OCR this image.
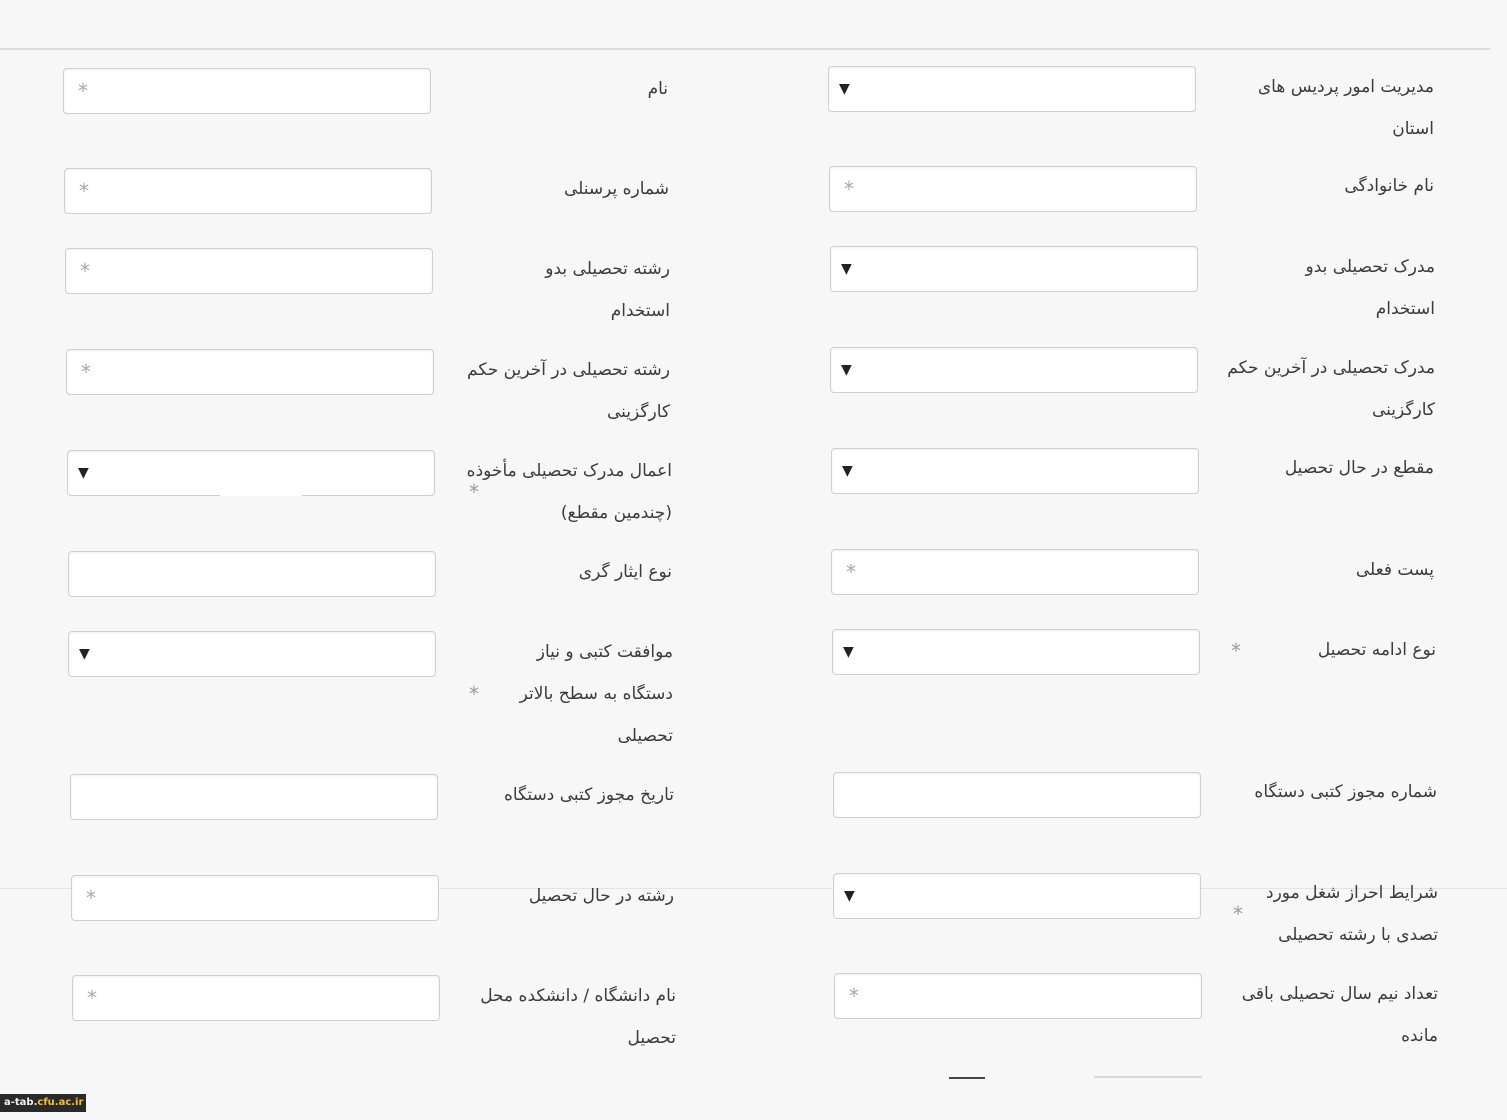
مدیریت امور پردیس های استان
▼
نام خانوادگی
*
مدرک تحصیلی بدو استخدام
▼
مدرک تحصیلی در آخرین حکم کارگزینی
▼
مقطع در حال تحصیل
▼
پست فعلی
*
نوع ادامه تحصیل
*
▼
شماره مجوز کتبی دستگاه
شرایط احراز شغل مورد تصدی با رشته تحصیلی
*
▼
تعداد نیم سال تحصیلی باقی مانده
*
نام
*
شماره پرسنلی
*
رشته تحصیلی بدو استخدام
*
رشته تحصیلی در آخرین حکم کارگزینی
*
اعمال مدرک تحصیلی مأخوذه (چندمین مقطع)
*
▼
نوع ایثار گری
موافقت کتبی و نیاز دستگاه به سطح بالاتر تحصیلی
*
▼
تاریخ مجوز کتبی دستگاه
رشته در حال تحصیل
*
نام دانشگاه / دانشکده محل تحصیل
*
a-tab.cfu.ac.ir
